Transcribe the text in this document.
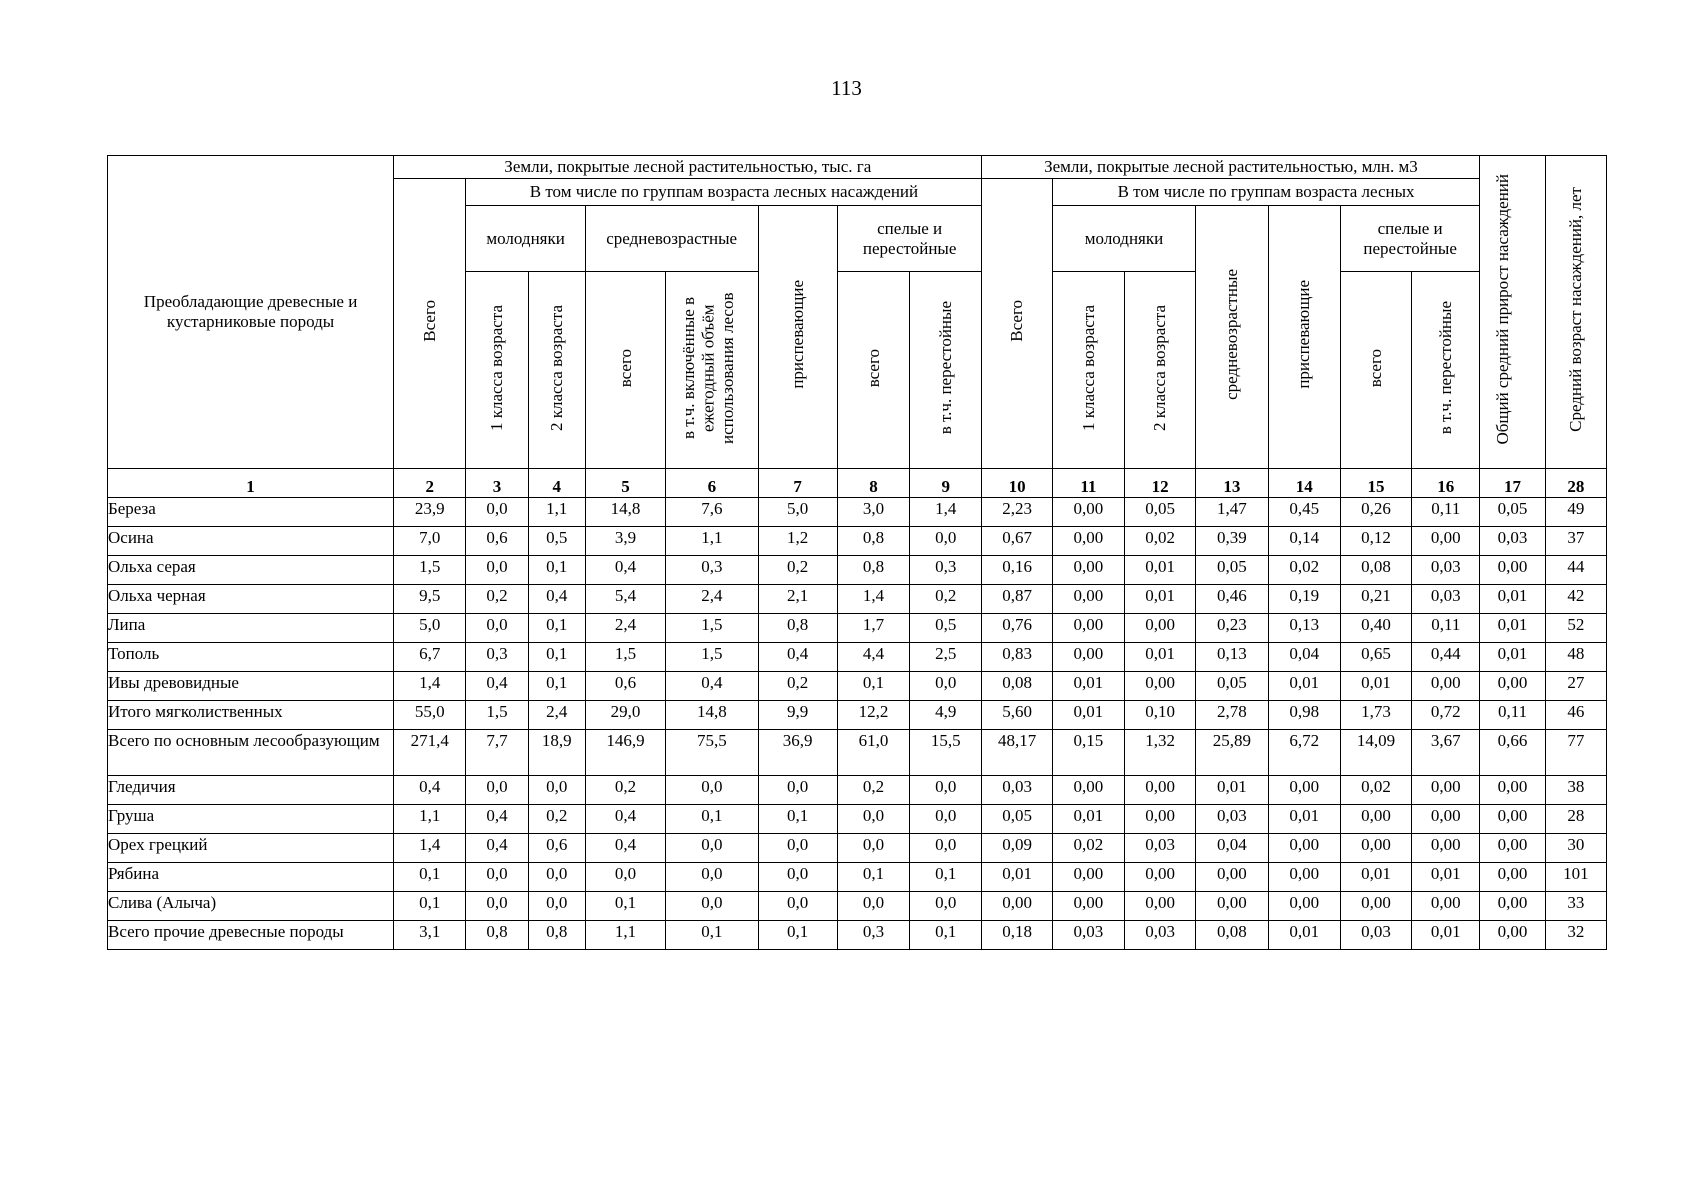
113
Преобладающие древесные и кустарниковые породы	Земли, покрытые лесной растительностью, тыс. га								Земли, покрытые лесной растительностью, млн. м3							Общий средний прирост насаждений	Средний возраст насаждений, лет
	Всего	В том числе по группам возраста лесных насаждений							Всего	В том числе по группам возраста лесных							
		молодняки		средневозрастные		приспевающие	спелые и перестойные			молодняки		средневозрастные	приспевающие	спелые и перестойные			
		1 класса возраста	2 класса возраста	всего	в т.ч. включённые в ежегодный объём использования лесов		всего	в т.ч. перестойные		1 класса возраста	2 класса возраста			всего	в т.ч. перестойные		
1	2	3	4	5	6	7	8	9	10	11	12	13	14	15	16	17	28
Береза	23,9	0,0	1,1	14,8	7,6	5,0	3,0	1,4	2,23	0,00	0,05	1,47	0,45	0,26	0,11	0,05	49
Осина	7,0	0,6	0,5	3,9	1,1	1,2	0,8	0,0	0,67	0,00	0,02	0,39	0,14	0,12	0,00	0,03	37
Ольха серая	1,5	0,0	0,1	0,4	0,3	0,2	0,8	0,3	0,16	0,00	0,01	0,05	0,02	0,08	0,03	0,00	44
Ольха черная	9,5	0,2	0,4	5,4	2,4	2,1	1,4	0,2	0,87	0,00	0,01	0,46	0,19	0,21	0,03	0,01	42
Липа	5,0	0,0	0,1	2,4	1,5	0,8	1,7	0,5	0,76	0,00	0,00	0,23	0,13	0,40	0,11	0,01	52
Тополь	6,7	0,3	0,1	1,5	1,5	0,4	4,4	2,5	0,83	0,00	0,01	0,13	0,04	0,65	0,44	0,01	48
Ивы древовидные	1,4	0,4	0,1	0,6	0,4	0,2	0,1	0,0	0,08	0,01	0,00	0,05	0,01	0,01	0,00	0,00	27
Итого мягколиственных	55,0	1,5	2,4	29,0	14,8	9,9	12,2	4,9	5,60	0,01	0,10	2,78	0,98	1,73	0,72	0,11	46
Всего по основным лесообразующим	271,4	7,7	18,9	146,9	75,5	36,9	61,0	15,5	48,17	0,15	1,32	25,89	6,72	14,09	3,67	0,66	77
Гледичия	0,4	0,0	0,0	0,2	0,0	0,0	0,2	0,0	0,03	0,00	0,00	0,01	0,00	0,02	0,00	0,00	38
Груша	1,1	0,4	0,2	0,4	0,1	0,1	0,0	0,0	0,05	0,01	0,00	0,03	0,01	0,00	0,00	0,00	28
Орех грецкий	1,4	0,4	0,6	0,4	0,0	0,0	0,0	0,0	0,09	0,02	0,03	0,04	0,00	0,00	0,00	0,00	30
Рябина	0,1	0,0	0,0	0,0	0,0	0,0	0,1	0,1	0,01	0,00	0,00	0,00	0,00	0,01	0,01	0,00	101
Слива (Алыча)	0,1	0,0	0,0	0,1	0,0	0,0	0,0	0,0	0,00	0,00	0,00	0,00	0,00	0,00	0,00	0,00	33
Всего прочие древесные породы	3,1	0,8	0,8	1,1	0,1	0,1	0,3	0,1	0,18	0,03	0,03	0,08	0,01	0,03	0,01	0,00	32
